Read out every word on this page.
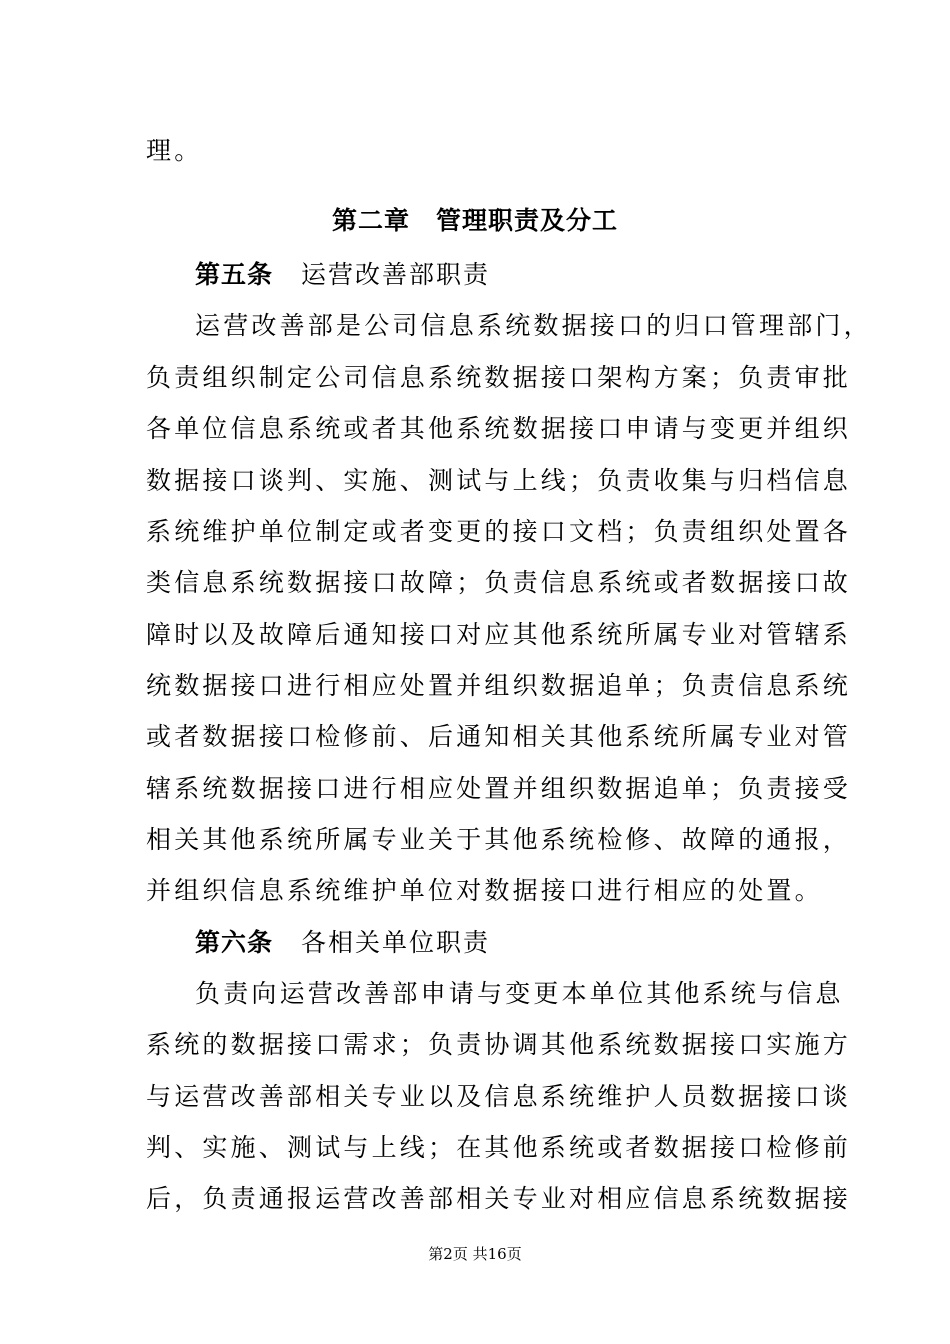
理。
第二章　管理职责及分工
第五条 运营改善部职责
运营改善部是公司信息系统数据接口的归口管理部门，
负责组织制定公司信息系统数据接口架构方案；负责审批
各单位信息系统或者其他系统数据接口申请与变更并组织
数据接口谈判、实施、测试与上线；负责收集与归档信息
系统维护单位制定或者变更的接口文档；负责组织处置各
类信息系统数据接口故障；负责信息系统或者数据接口故
障时以及故障后通知接口对应其他系统所属专业对管辖系
统数据接口进行相应处置并组织数据追单；负责信息系统
或者数据接口检修前、后通知相关其他系统所属专业对管
辖系统数据接口进行相应处置并组织数据追单；负责接受
相关其他系统所属专业关于其他系统检修、故障的通报，
并组织信息系统维护单位对数据接口进行相应的处置。
第六条 各相关单位职责
负责向运营改善部申请与变更本单位其他系统与信息
系统的数据接口需求；负责协调其他系统数据接口实施方
与运营改善部相关专业以及信息系统维护人员数据接口谈
判、实施、测试与上线；在其他系统或者数据接口检修前
后，负责通报运营改善部相关专业对相应信息系统数据接
第2页 共16页
